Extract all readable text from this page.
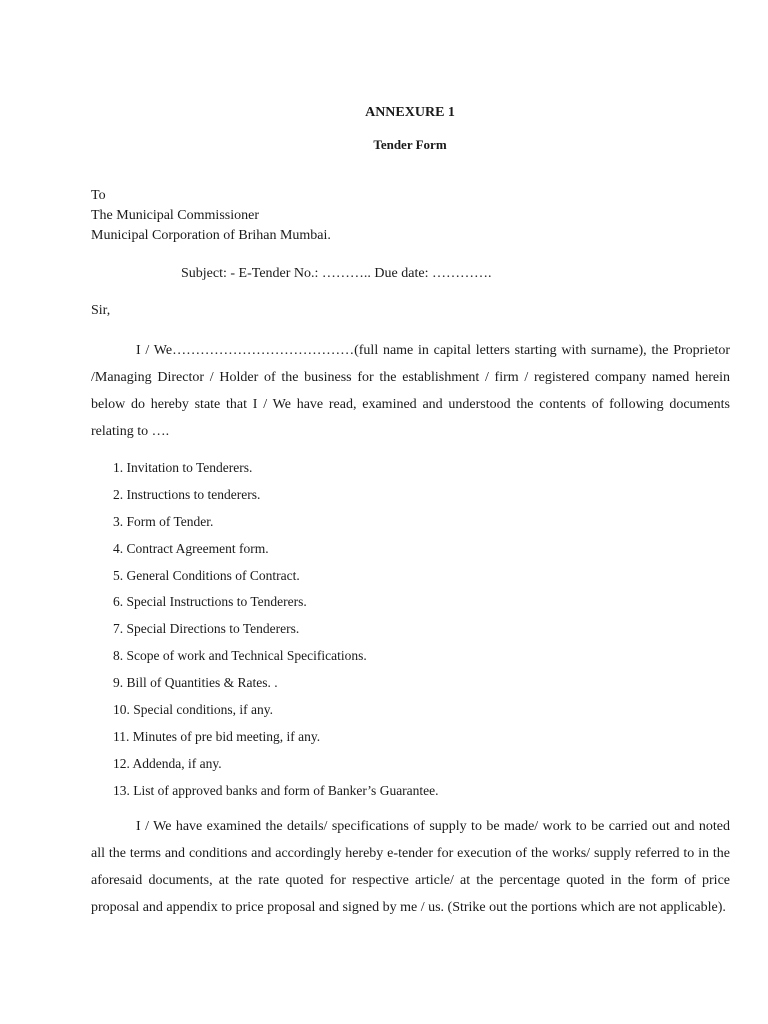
ANNEXURE 1
Tender Form
To
The Municipal Commissioner
Municipal Corporation of Brihan Mumbai.
Subject: - E-Tender No.: ……….. Due date: ………….
Sir,
I / We…………………………………(full name in capital letters starting with surname), the Proprietor /Managing Director / Holder of the business for the establishment / firm / registered company named herein below do hereby state that I / We have read, examined and understood the contents of following documents relating to ….
1. Invitation to Tenderers.
2. Instructions to tenderers.
3. Form of Tender.
4. Contract Agreement form.
5. General Conditions of Contract.
6. Special Instructions to Tenderers.
7. Special Directions to Tenderers.
8. Scope of work and Technical Specifications.
9. Bill of Quantities & Rates. .
10. Special conditions, if any.
11. Minutes of pre bid meeting, if any.
12. Addenda, if any.
13. List of approved banks and form of Banker’s Guarantee.
I / We have examined the details/ specifications of supply to be made/ work to be carried out and noted all the terms and conditions and accordingly hereby e-tender for execution of the works/ supply referred to in the aforesaid documents, at the rate quoted for respective article/ at the percentage quoted in the form of price proposal and appendix to price proposal and signed by me / us. (Strike out the portions which are not applicable).
